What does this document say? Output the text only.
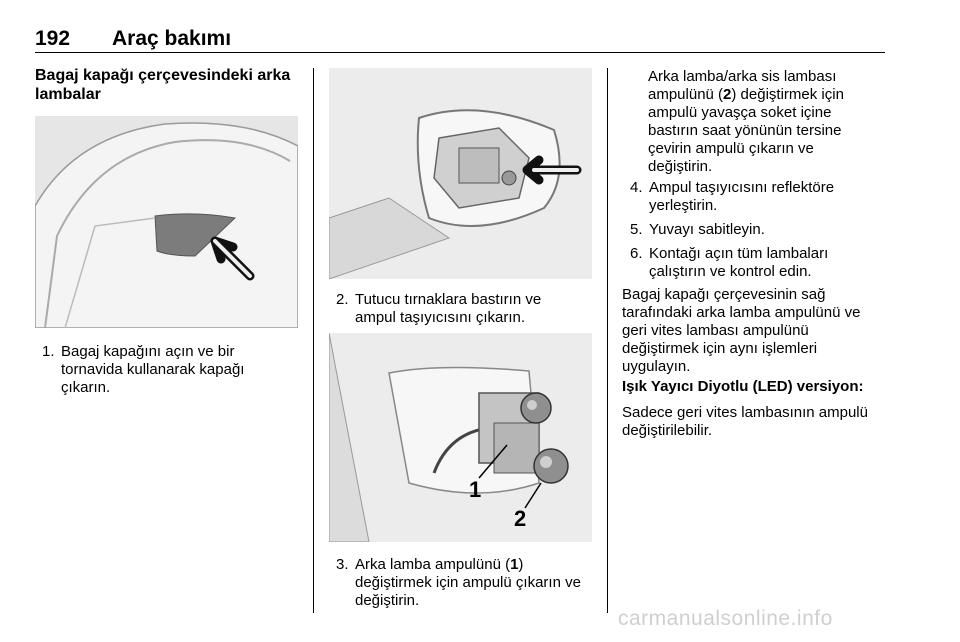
192 Araç bakımı
Bagaj kapağı çerçevesindeki arka lambalar
1. Bagaj kapağını açın ve bir
tornavida kullanarak kapağı
çıkarın.
2. Tutucu tırnaklara bastırın ve
ampul taşıyıcısını çıkarın.
1
2
3. Arka lamba ampulünü (1)
değiştirmek için ampulü çıkarın ve
değiştirin.
Arka lamba/arka sis lambası
ampulünü (2) değiştirmek için
ampulü yavaşça soket içine
bastırın saat yönünün tersine
çevirin ampulü çıkarın ve
değiştirin.
4. Ampul taşıyıcısını reflektöre
yerleştirin.
5. Yuvayı sabitleyin.
6. Kontağı açın tüm lambaları
çalıştırın ve kontrol edin.
Bagaj kapağı çerçevesinin sağ
tarafındaki arka lamba ampulünü ve
geri vites lambası ampulünü
değiştirmek için aynı işlemleri
uygulayın.
Işık Yayıcı Diyotlu (LED) versiyon:
Sadece geri vites lambasının ampulü
değiştirilebilir.
carmanualsonline.info
